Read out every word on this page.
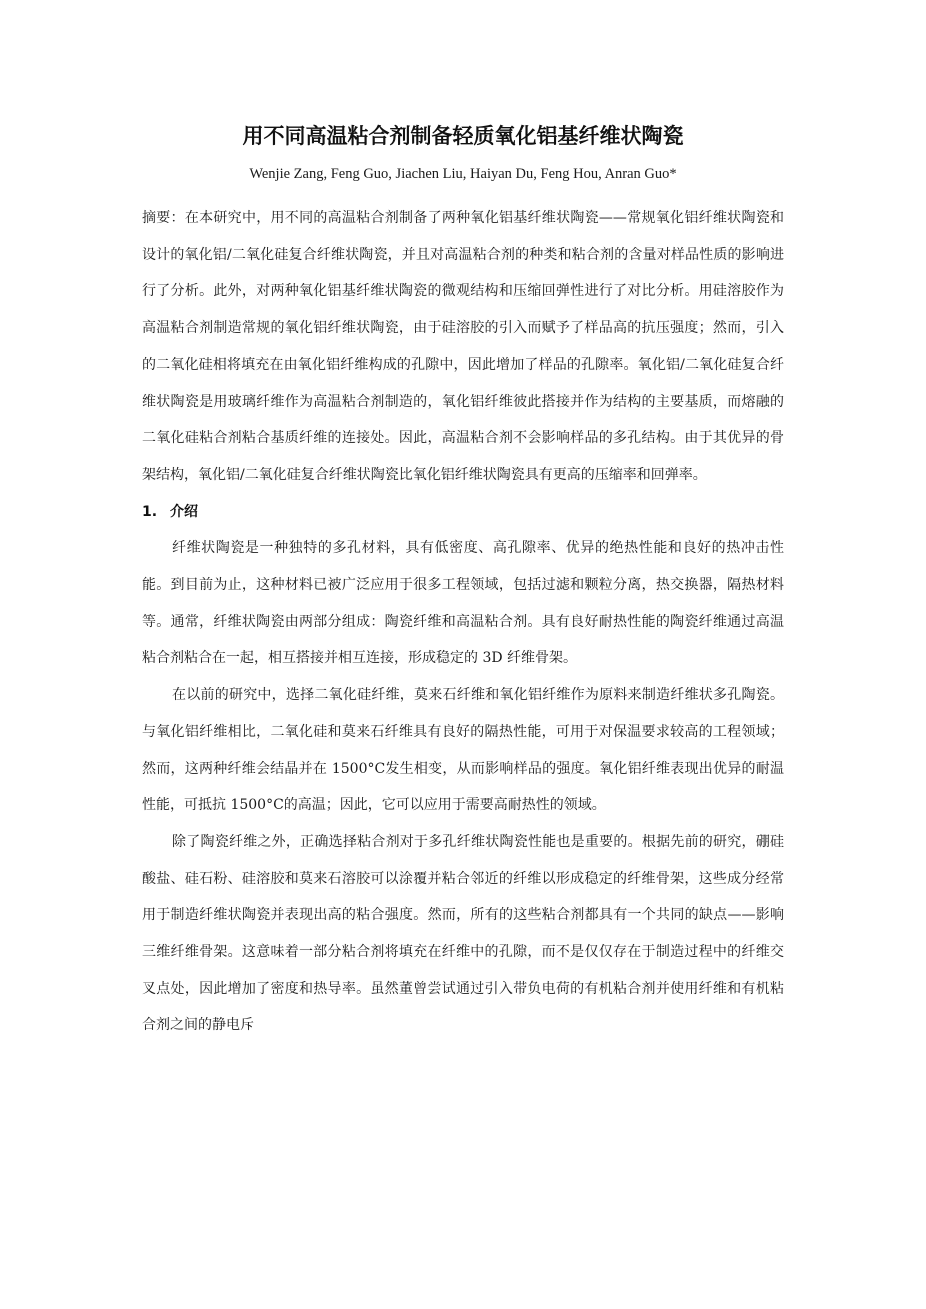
用不同高温粘合剂制备轻质氧化铝基纤维状陶瓷
Wenjie Zang, Feng Guo, Jiachen Liu, Haiyan Du, Feng Hou, Anran Guo*

摘要：在本研究中，用不同的高温粘合剂制备了两种氧化铝基纤维状陶瓷——常规氧化铝纤维状陶瓷和设计的氧化铝/二氧化硅复合纤维状陶瓷，并且对高温粘合剂的种类和粘合剂的含量对样品性质的影响进行了分析。此外，对两种氧化铝基纤维状陶瓷的微观结构和压缩回弹性进行了对比分析。用硅溶胶作为高温粘合剂制造常规的氧化铝纤维状陶瓷，由于硅溶胶的引入而赋予了样品高的抗压强度；然而，引入的二氧化硅相将填充在由氧化铝纤维构成的孔隙中，因此增加了样品的孔隙率。氧化铝/二氧化硅复合纤维状陶瓷是用玻璃纤维作为高温粘合剂制造的，氧化铝纤维彼此搭接并作为结构的主要基质，而熔融的二氧化硅粘合剂粘合基质纤维的连接处。因此，高温粘合剂不会影响样品的多孔结构。由于其优异的骨架结构，氧化铝/二氧化硅复合纤维状陶瓷比氧化铝纤维状陶瓷具有更高的压缩率和回弹率。

1. 介绍

纤维状陶瓷是一种独特的多孔材料，具有低密度、高孔隙率、优异的绝热性能和良好的热冲击性能。到目前为止，这种材料已被广泛应用于很多工程领域，包括过滤和颗粒分离，热交换器，隔热材料等。通常，纤维状陶瓷由两部分组成：陶瓷纤维和高温粘合剂。具有良好耐热性能的陶瓷纤维通过高温粘合剂粘合在一起，相互搭接并相互连接，形成稳定的 3D 纤维骨架。

在以前的研究中，选择二氧化硅纤维，莫来石纤维和氧化铝纤维作为原料来制造纤维状多孔陶瓷。与氧化铝纤维相比，二氧化硅和莫来石纤维具有良好的隔热性能，可用于对保温要求较高的工程领域；然而，这两种纤维会结晶并在 1500°C发生相变，从而影响样品的强度。氧化铝纤维表现出优异的耐温性能，可抵抗 1500°C的高温；因此，它可以应用于需要高耐热性的领域。

除了陶瓷纤维之外，正确选择粘合剂对于多孔纤维状陶瓷性能也是重要的。根据先前的研究，硼硅酸盐、硅石粉、硅溶胶和莫来石溶胶可以涂覆并粘合邻近的纤维以形成稳定的纤维骨架，这些成分经常用于制造纤维状陶瓷并表现出高的粘合强度。然而，所有的这些粘合剂都具有一个共同的缺点——影响三维纤维骨架。这意味着一部分粘合剂将填充在纤维中的孔隙，而不是仅仅存在于制造过程中的纤维交叉点处，因此增加了密度和热导率。虽然董曾尝试通过引入带负电荷的有机粘合剂并使用纤维和有机粘合剂之间的静电斥
